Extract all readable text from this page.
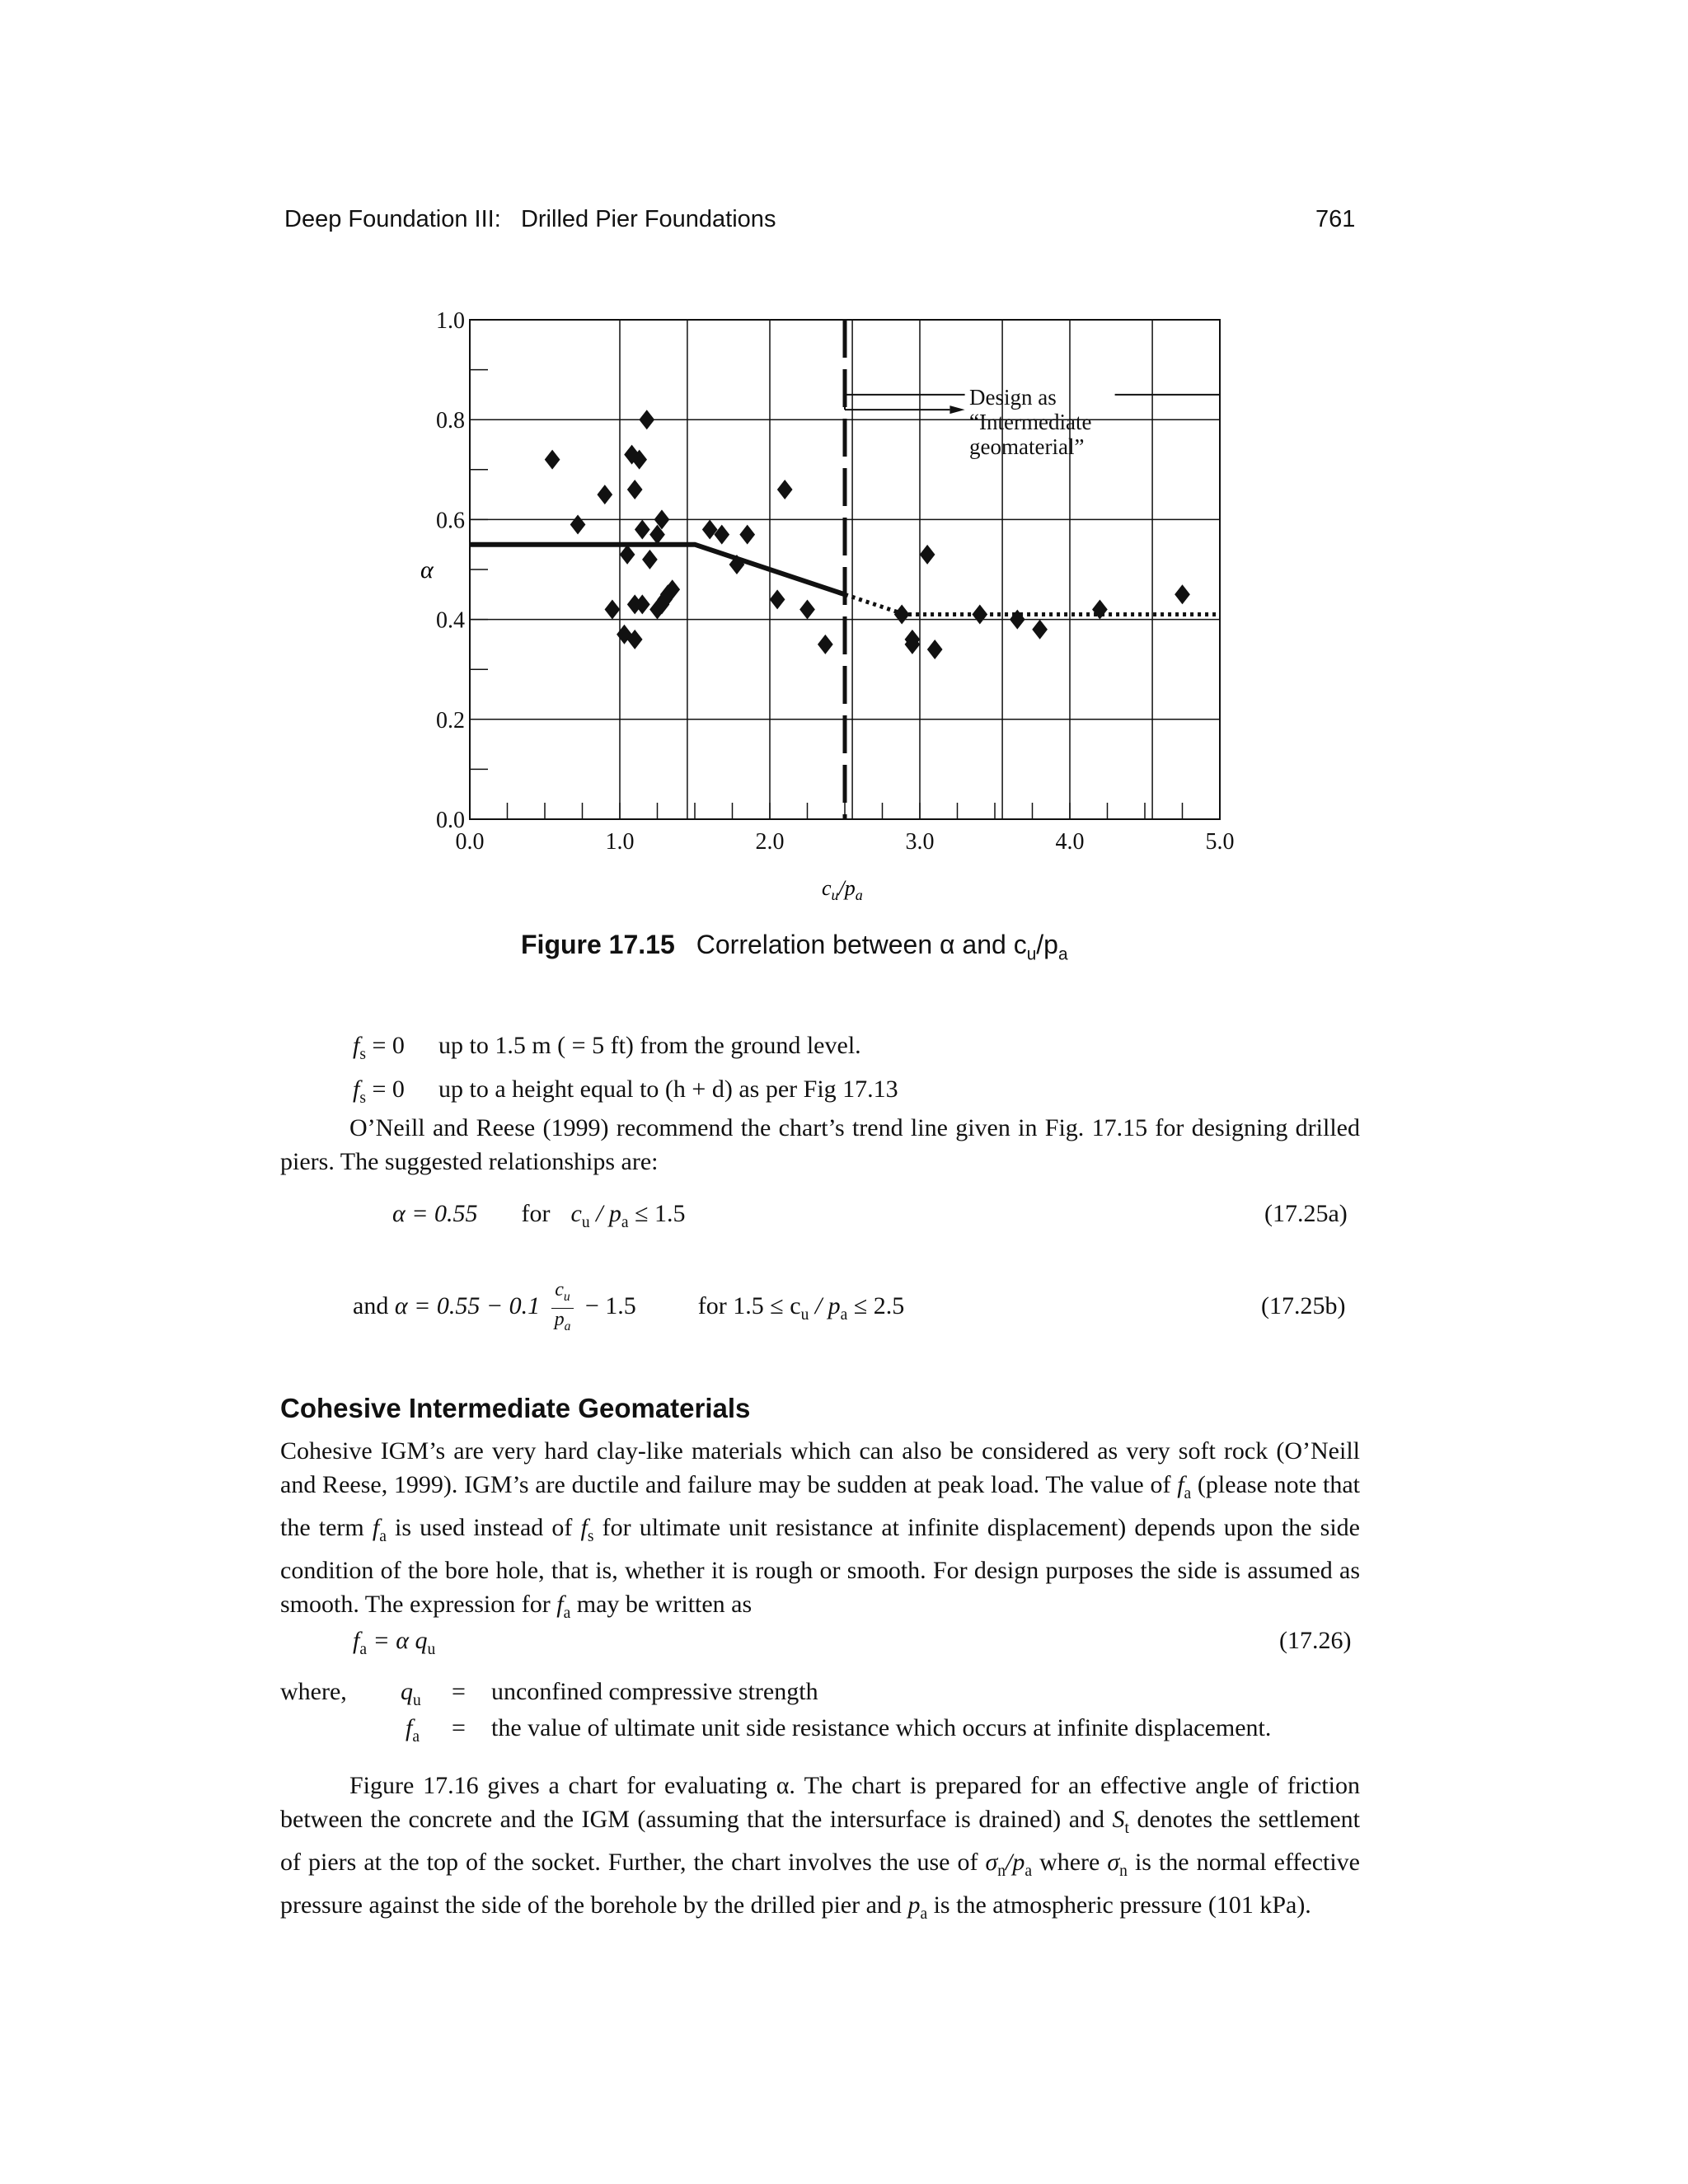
Deep Foundation III:   Drilled Pier Foundations	761
0.0
0.2
0.4
0.6
0.8
1.0
0.0	1.0	2.0	3.0	4.0	5.0
Design as
“Intermediate
geomaterial”
α
$c_u/p_a$
Figure 17.15 Correlation between α and $c_u/p_a$
$f_s = 0$ up to 1.5 m ( = 5 ft) from the ground level.
$f_s = 0$ up to a height equal to (h + d) as per Fig 17.13
O’Neill and Reese (1999) recommend the chart’s trend line given in Fig. 17.15 for designing drilled piers. The suggested relationships are:
α = 0.55 for $c_u / p_a \le 1.5$	(17.25a)
and $\alpha = 0.55 - 0.1 \frac{c_u}{p_a} - 1.5$	for $1.5 \le c_u / p_a \le 2.5$	(17.25b)
Cohesive Intermediate Geomaterials
Cohesive IGM’s are very hard clay-like materials which can also be considered as very soft rock (O’Neill and Reese, 1999). IGM’s are ductile and failure may be sudden at peak load. The value of $f_a$ (please note that the term $f_a$ is used instead of $f_s$ for ultimate unit resistance at infinite displacement) depends upon the side condition of the bore hole, that is, whether it is rough or smooth. For design purposes the side is assumed as smooth. The expression for $f_a$ may be written as
$f_a = \alpha$ $q_u$	(17.26)
where, $q_u$ = unconfined compressive strength
$f_a$ = the value of ultimate unit side resistance which occurs at infinite displacement.
Figure 17.16 gives a chart for evaluating α. The chart is prepared for an effective angle of friction between the concrete and the IGM (assuming that the intersurface is drained) and $S_t$ denotes the settlement of piers at the top of the socket. Further, the chart involves the use of $\sigma_n/p_a$ where $\sigma_n$ is the normal effective pressure against the side of the borehole by the drilled pier and $p_a$ is the atmospheric pressure (101 kPa).
